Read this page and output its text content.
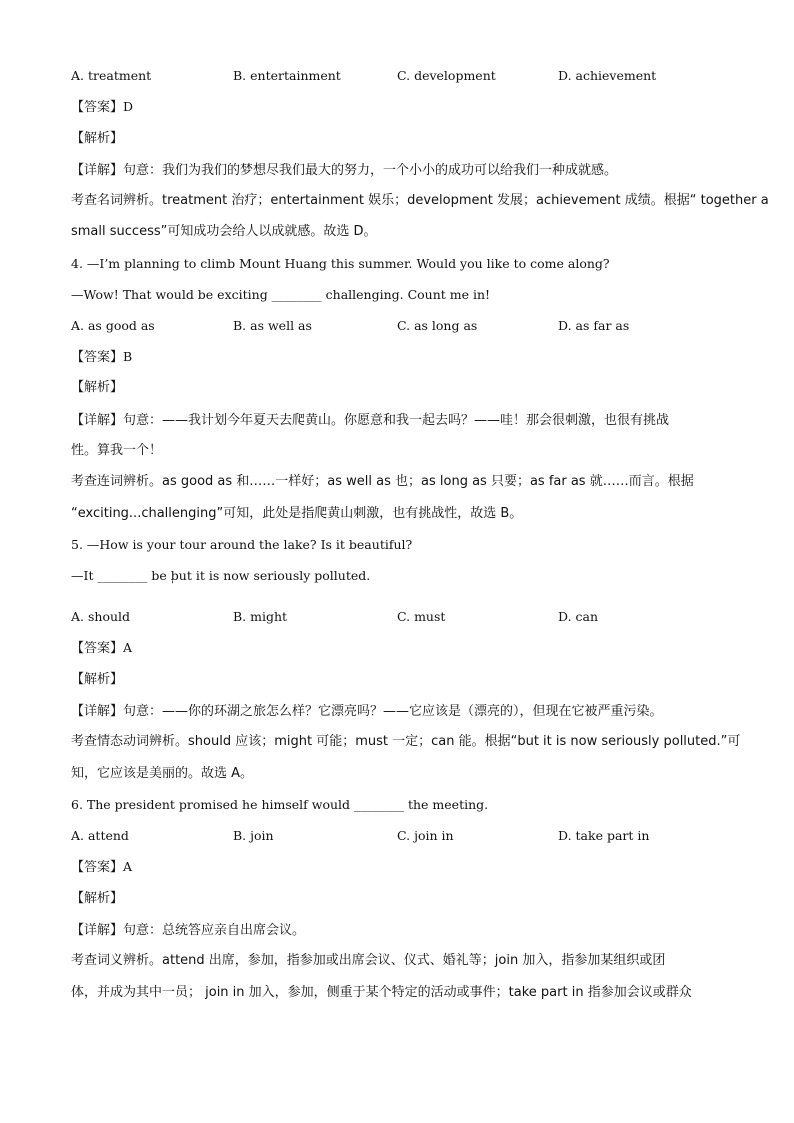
A. treatment	B. entertainment	C. development	D. achievement
【答案】D
【解析】
【详解】句意：我们为我们的梦想尽我们最大的努力，一个小小的成功可以给我们一种成就感。
考查名词辨析。treatment 治疗；entertainment 娱乐；development 发展；achievement 成绩。根据“ together a
small success”可知成功会给人以成就感。故选 D。
4. —I’m planning to climb Mount Huang this summer. Would you like to come along?
—Wow! That would be exciting ________ challenging. Count me in!
A. as good as	B. as well as	C. as long as	D. as far as
【答案】B
【解析】
【详解】句意：——我计划今年夏天去爬黄山。你愿意和我一起去吗？——哇！那会很刺激，也很有挑战
性。算我一个！
考查连词辨析。as good as 和……一样好；as well as 也；as long as 只要；as far as 就……而言。根据
“exciting...challenging”可知，此处是指爬黄山刺激，也有挑战性，故选 B。
5. —How is your tour around the lake? Is it beautiful?
—It ________ be but it is now seriously polluted.
'
A. should	B. might	C. must	D. can
【答案】A
【解析】
【详解】句意：——你的环湖之旅怎么样？它漂亮吗？——它应该是（漂亮的），但现在它被严重污染。
考查情态动词辨析。should 应该；might 可能；must 一定；can 能。根据“but it is now seriously polluted.”可
知，它应该是美丽的。故选 A。
6. The president promised he himself would ________ the meeting.
A. attend	B. join	C. join in	D. take part in
【答案】A
【解析】
【详解】句意：总统答应亲自出席会议。
考查词义辨析。attend 出席，参加，指参加或出席会议、仪式、婚礼等；join 加入，指参加某组织或团
体，并成为其中一员； join in 加入，参加，侧重于某个特定的活动或事件；take part in 指参加会议或群众
